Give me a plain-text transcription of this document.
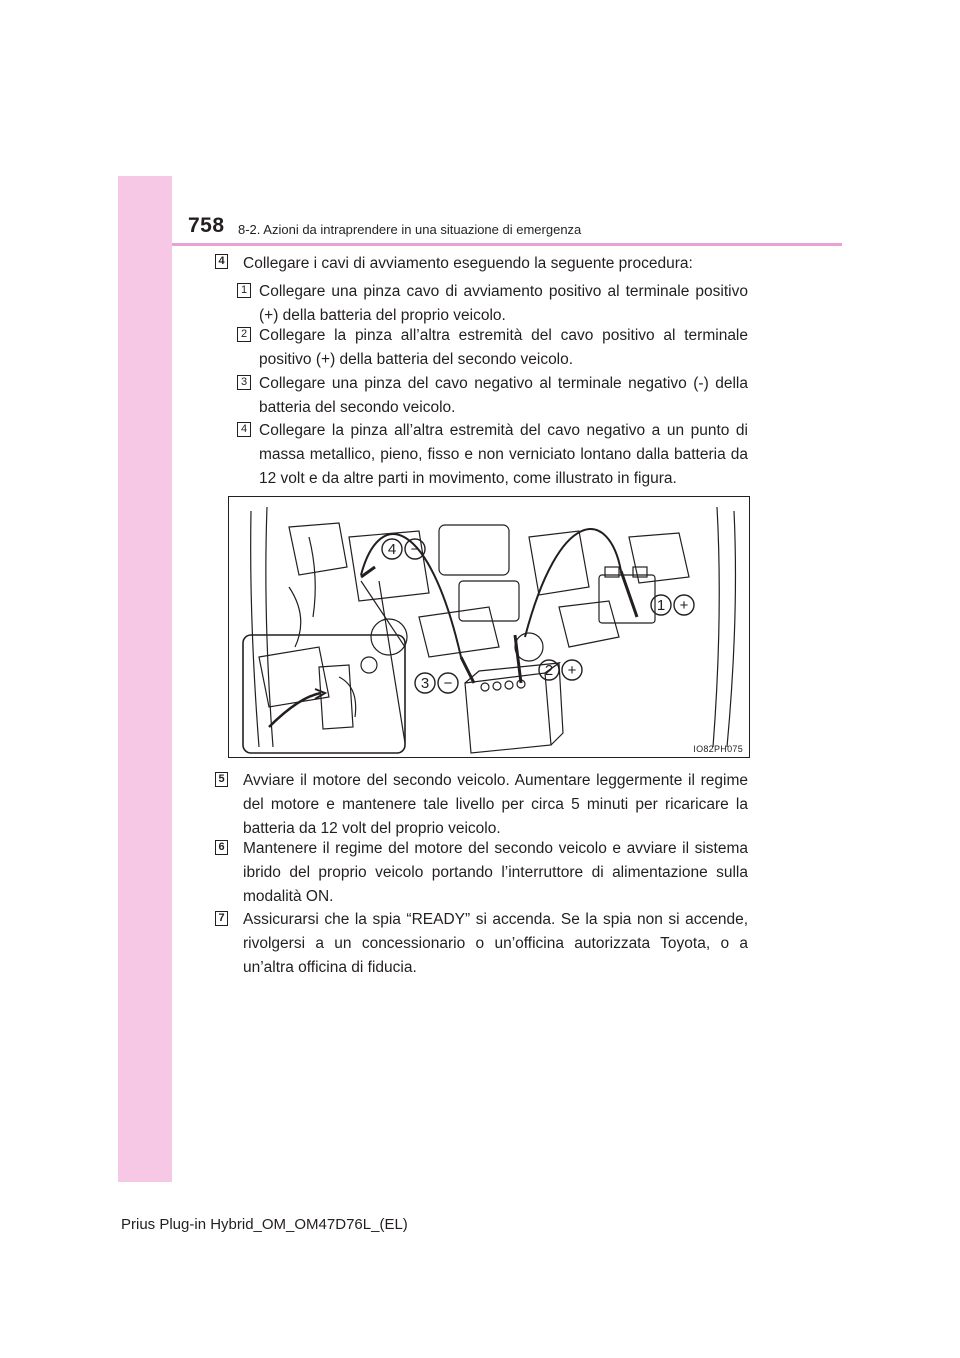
758 8-2. Azioni da intraprendere in una situazione di emergenza
4 Collegare i cavi di avviamento eseguendo la seguente procedura:
1 Collegare una pinza cavo di avviamento positivo al terminale positivo (+) della batteria del proprio veicolo.
2 Collegare la pinza all’altra estremità del cavo positivo al terminale positivo (+) della batteria del secondo veicolo.
3 Collegare una pinza del cavo negativo al terminale negativo (-) della batteria del secondo veicolo.
4 Collegare la pinza all’altra estremità del cavo negativo a un punto di massa metallico, pieno, fisso e non verniciato lontano dalla batteria da 12 volt e da altre parti in movimento, come illustrato in figura.
4 −
1 +
2 +
3 −
IO82PH075
5 Avviare il motore del secondo veicolo. Aumentare leggermente il regime del motore e mantenere tale livello per circa 5 minuti per ricaricare la batteria da 12 volt del proprio veicolo.
6 Mantenere il regime del motore del secondo veicolo e avviare il sistema ibrido del proprio veicolo portando l’interruttore di alimentazione sulla modalità ON.
7 Assicurarsi che la spia “READY” si accenda. Se la spia non si accende, rivolgersi a un concessionario o un’officina autorizzata Toyota, o a un’altra officina di fiducia.
Prius Plug-in Hybrid_OM_OM47D76L_(EL)
